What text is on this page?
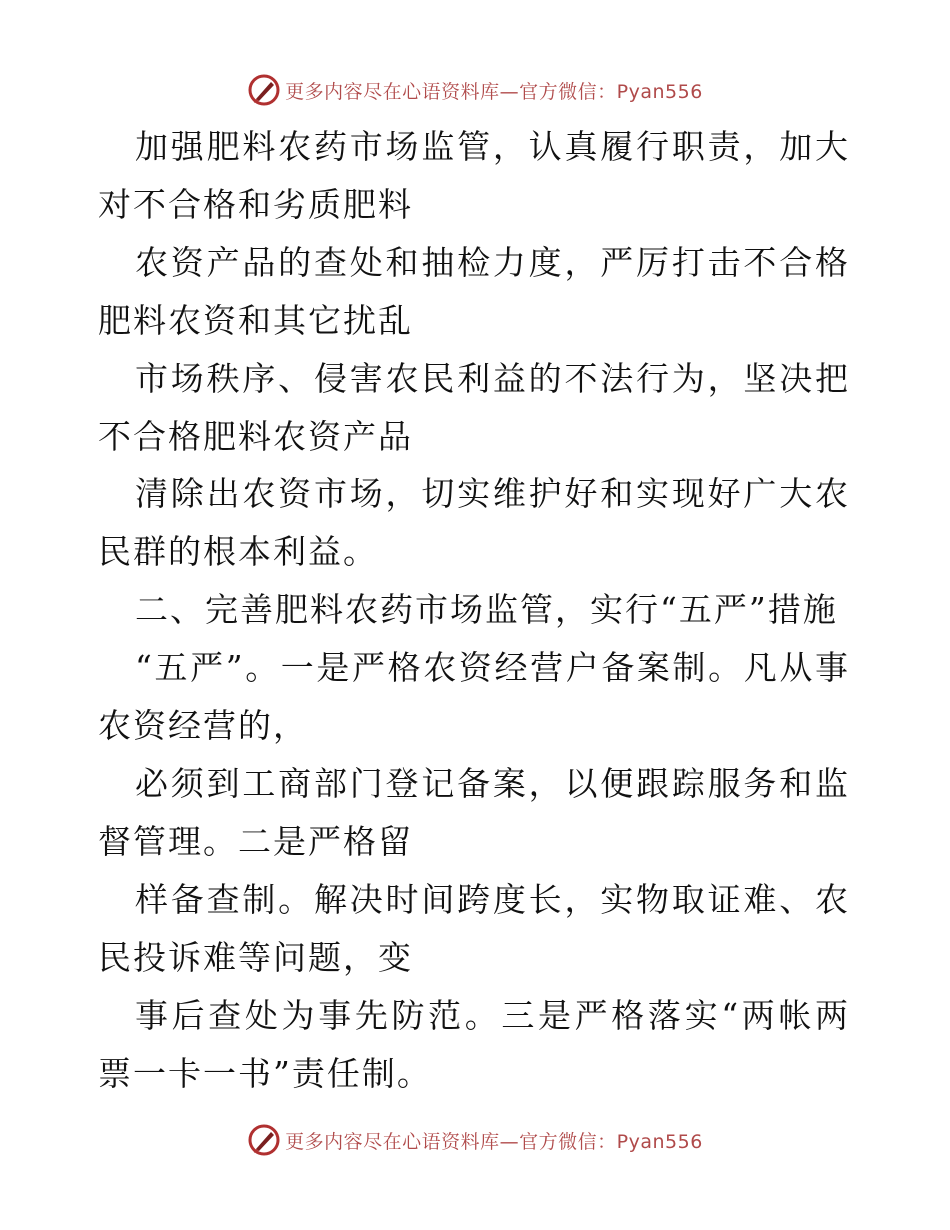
更多内容尽在心语资料库—官方微信：Pyan556

加强肥料农药市场监管，认真履行职责，加大对不合格和劣质肥料

农资产品的查处和抽检力度，严厉打击不合格肥料农资和其它扰乱

市场秩序、侵害农民利益的不法行为，坚决把不合格肥料农资产品

清除出农资市场，切实维护好和实现好广大农民群的根本利益。

二、完善肥料农药市场监管，实行“五严”措施

“五严”。一是严格农资经营户备案制。凡从事农资经营的，

必须到工商部门登记备案，以便跟踪服务和监督管理。二是严格留

样备查制。解决时间跨度长，实物取证难、农民投诉难等问题，变

事后查处为事先防范。三是严格落实“两帐两票一卡一书”责任制。

更多内容尽在心语资料库—官方微信：Pyan556
